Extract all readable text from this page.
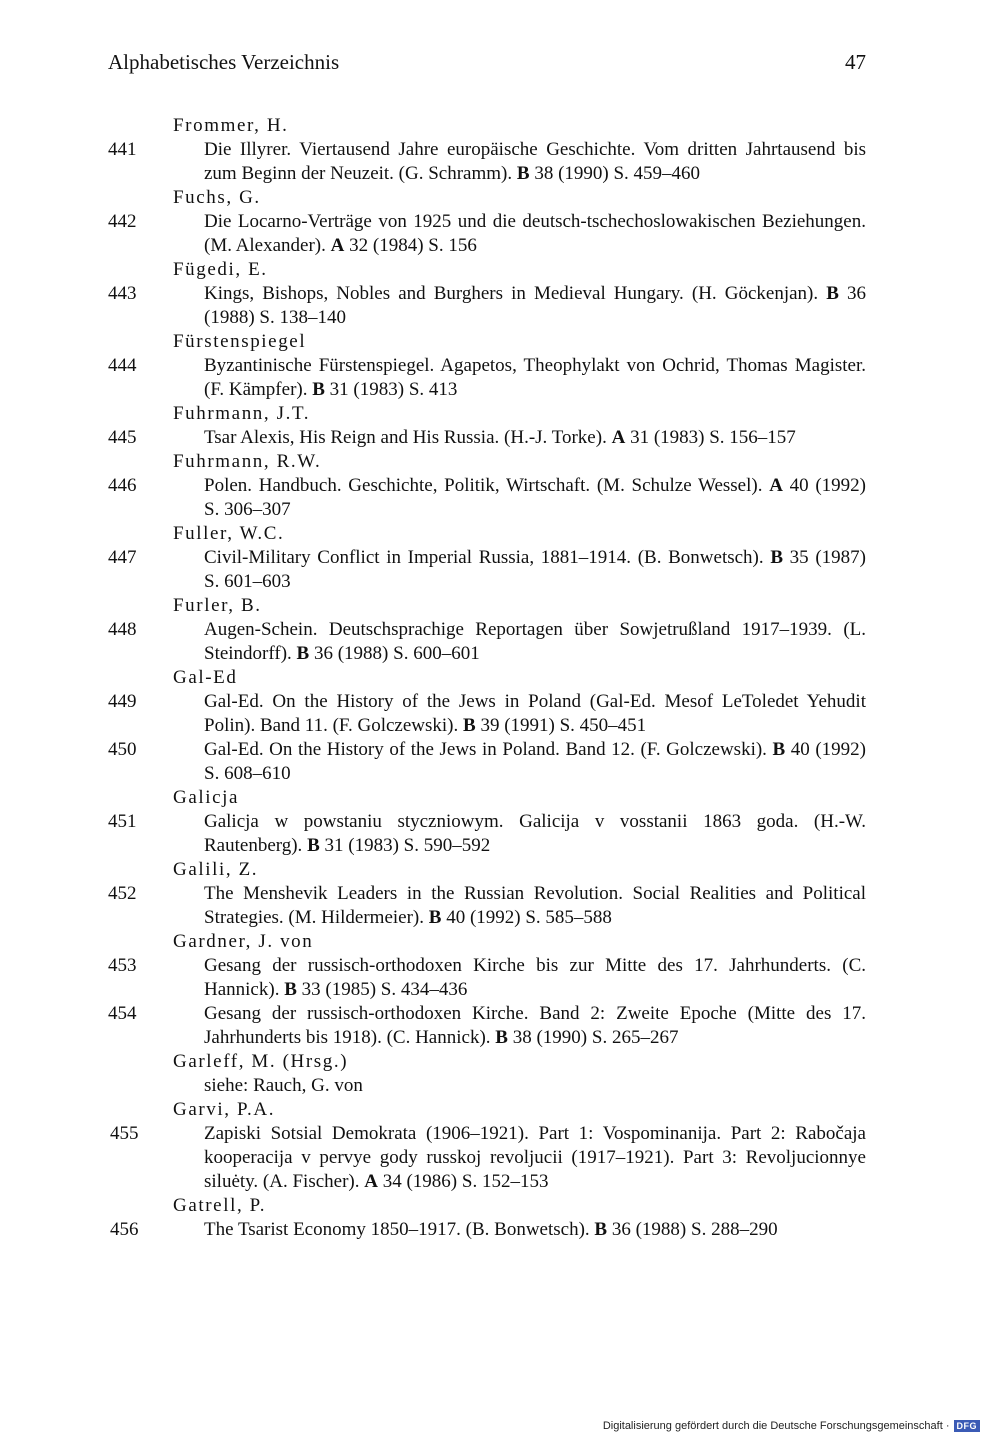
Alphabetisches Verzeichnis	47
Frommer, H.
441	Die Illyrer. Viertausend Jahre europäische Geschichte. Vom dritten Jahrtausend bis zum Beginn der Neuzeit. (G. Schramm). B 38 (1990) S. 459–460
Fuchs, G.
442	Die Locarno-Verträge von 1925 und die deutsch-tschechoslowakischen Beziehungen. (M. Alexander). A 32 (1984) S. 156
Fügedi, E.
443	Kings, Bishops, Nobles and Burghers in Medieval Hungary. (H. Göckenjan). B 36 (1988) S. 138–140
Fürstenspiegel
444	Byzantinische Fürstenspiegel. Agapetos, Theophylakt von Ochrid, Thomas Magister. (F. Kämpfer). B 31 (1983) S. 413
Fuhrmann, J.T.
445	Tsar Alexis, His Reign and His Russia. (H.-J. Torke). A 31 (1983) S. 156–157
Fuhrmann, R.W.
446	Polen. Handbuch. Geschichte, Politik, Wirtschaft. (M. Schulze Wessel). A 40 (1992) S. 306–307
Fuller, W.C.
447	Civil-Military Conflict in Imperial Russia, 1881–1914. (B. Bonwetsch). B 35 (1987) S. 601–603
Furler, B.
448	Augen-Schein. Deutschsprachige Reportagen über Sowjetrußland 1917–1939. (L. Steindorff). B 36 (1988) S. 600–601
Gal-Ed
449	Gal-Ed. On the History of the Jews in Poland (Gal-Ed. Mesof LeToledet Yehudit Polin). Band 11. (F. Golczewski). B 39 (1991) S. 450–451
450	Gal-Ed. On the History of the Jews in Poland. Band 12. (F. Golczewski). B 40 (1992) S. 608–610
Galicja
451	Galicja w powstaniu styczniowym. Galicija v vosstanii 1863 goda. (H.-W. Rautenberg). B 31 (1983) S. 590–592
Galili, Z.
452	The Menshevik Leaders in the Russian Revolution. Social Realities and Political Strategies. (M. Hildermeier). B 40 (1992) S. 585–588
Gardner, J. von
453	Gesang der russisch-orthodoxen Kirche bis zur Mitte des 17. Jahrhunderts. (C. Hannick). B 33 (1985) S. 434–436
454	Gesang der russisch-orthodoxen Kirche. Band 2: Zweite Epoche (Mitte des 17. Jahrhunderts bis 1918). (C. Hannick). B 38 (1990) S. 265–267
Garleff, M. (Hrsg.)
siehe: Rauch, G. von
Garvi, P.A.
455	Zapiski Sotsial Demokrata (1906–1921). Part 1: Vospominanija. Part 2: Rabočaja kooperacija v pervye gody russkoj revoljucii (1917–1921). Part 3: Revoljucionnye siluėty. (A. Fischer). A 34 (1986) S. 152–153
Gatrell, P.
456	The Tsarist Economy 1850–1917. (B. Bonwetsch). B 36 (1988) S. 288–290
Digitalisierung gefördert durch die Deutsche Forschungsgemeinschaft · DFG
